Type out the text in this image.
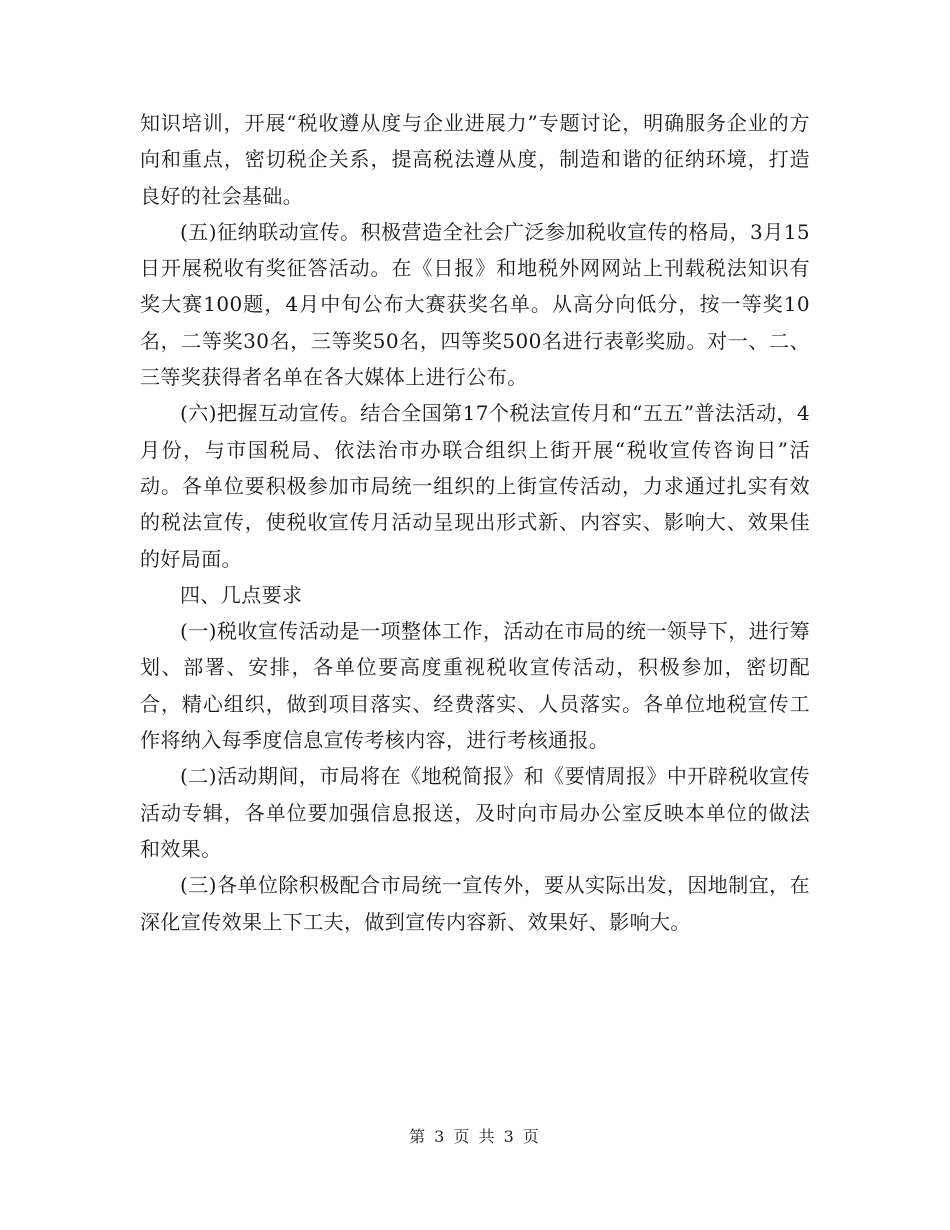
知识培训，开展“税收遵从度与企业进展力”专题讨论，明确服务企业的方向和重点，密切税企关系，提高税法遵从度，制造和谐的征纳环境，打造良好的社会基础。

(五)征纳联动宣传。积极营造全社会广泛参加税收宣传的格局，3月15日开展税收有奖征答活动。在《日报》和地税外网网站上刊载税法知识有奖大赛100题，4月中旬公布大赛获奖名单。从高分向低分，按一等奖10名，二等奖30名，三等奖50名，四等奖500名进行表彰奖励。对一、二、三等奖获得者名单在各大媒体上进行公布。

(六)把握互动宣传。结合全国第17个税法宣传月和“五五”普法活动，4月份，与市国税局、依法治市办联合组织上街开展“税收宣传咨询日”活动。各单位要积极参加市局统一组织的上街宣传活动，力求通过扎实有效的税法宣传，使税收宣传月活动呈现出形式新、内容实、影响大、效果佳的好局面。

四、几点要求

(一)税收宣传活动是一项整体工作，活动在市局的统一领导下，进行筹划、部署、安排，各单位要高度重视税收宣传活动，积极参加，密切配合，精心组织，做到项目落实、经费落实、人员落实。各单位地税宣传工作将纳入每季度信息宣传考核内容，进行考核通报。

(二)活动期间，市局将在《地税简报》和《要情周报》中开辟税收宣传活动专辑，各单位要加强信息报送，及时向市局办公室反映本单位的做法和效果。

(三)各单位除积极配合市局统一宣传外，要从实际出发，因地制宜，在深化宣传效果上下工夫，做到宣传内容新、效果好、影响大。

第 3 页 共 3 页
